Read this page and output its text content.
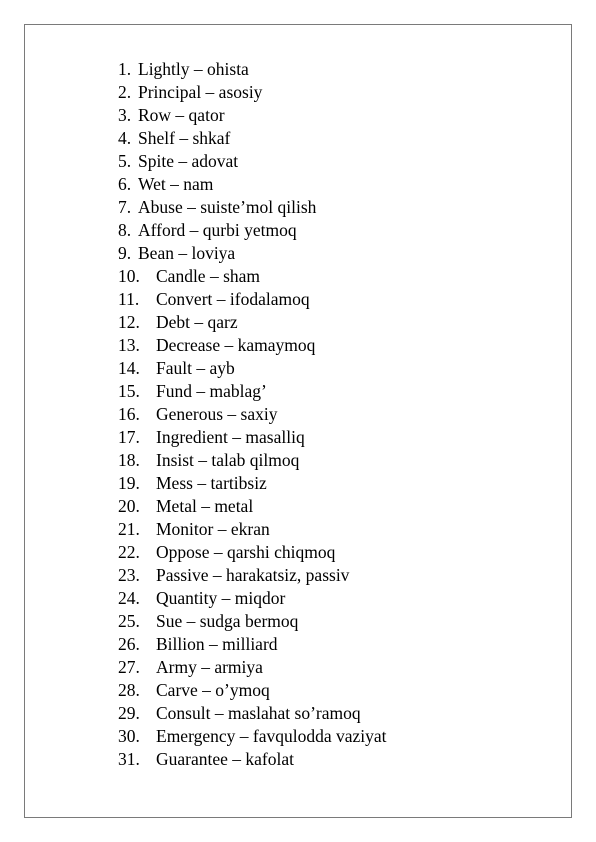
1. Lightly – ohista
2. Principal – asosiy
3. Row – qator
4. Shelf – shkaf
5. Spite – adovat
6. Wet – nam
7. Abuse – suiste’mol qilish
8. Afford – qurbi yetmoq
9. Bean – loviya
10. Candle – sham
11. Convert – ifodalamoq
12. Debt – qarz
13. Decrease – kamaymoq
14. Fault – ayb
15. Fund – mablag’
16. Generous – saxiy
17. Ingredient – masalliq
18. Insist – talab qilmoq
19. Mess – tartibsiz
20. Metal – metal
21. Monitor – ekran
22. Oppose – qarshi chiqmoq
23. Passive – harakatsiz, passiv
24. Quantity – miqdor
25. Sue – sudga bermoq
26. Billion – milliard
27. Army – armiya
28. Carve – o’ymoq
29. Consult – maslahat so’ramoq
30. Emergency – favqulodda vaziyat
31. Guarantee – kafolat
